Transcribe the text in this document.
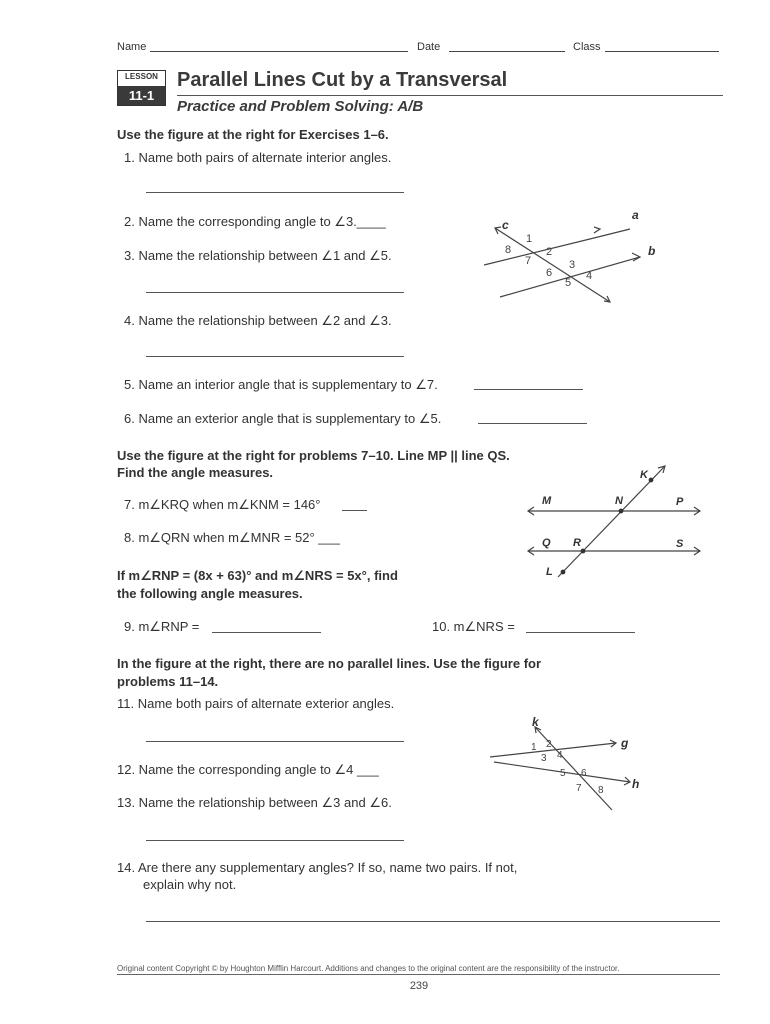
Name	Date	Class
LESSON
11-1
Parallel Lines Cut by a Transversal
Practice and Problem Solving: A/B
Use the figure at the right for Exercises 1–6.
1. Name both pairs of alternate interior angles.
2. Name the corresponding angle to ∠3.____
3. Name the relationship between ∠1 and ∠5.
4. Name the relationship between ∠2 and ∠3.
5. Name an interior angle that is supplementary to ∠7.
6. Name an exterior angle that is supplementary to ∠5.
c
a
b
1
2
3
4
5
6
7
8
Use the figure at the right for problems 7–10. Line MP || line QS.
Find the angle measures.
7. m∠KRQ when m∠KNM = 146°
8. m∠QRN when m∠MNR = 52° ___
If m∠RNP = (8x + 63)° and m∠NRS = 5x°, find
the following angle measures.
9. m∠RNP =	10. m∠NRS =
K
M	N	P
Q R	S
L
In the figure at the right, there are no parallel lines. Use the figure for
problems 11–14.
11. Name both pairs of alternate exterior angles.
12. Name the corresponding angle to ∠4 ___
13. Name the relationship between ∠3 and ∠6.
14. Are there any supplementary angles? If so, name two pairs. If not,
explain why not.
k
g
h
1 2
3 4
5 6
7 8
Original content Copyright © by Houghton Mifflin Harcourt. Additions and changes to the original content are the responsibility of the instructor.
239
